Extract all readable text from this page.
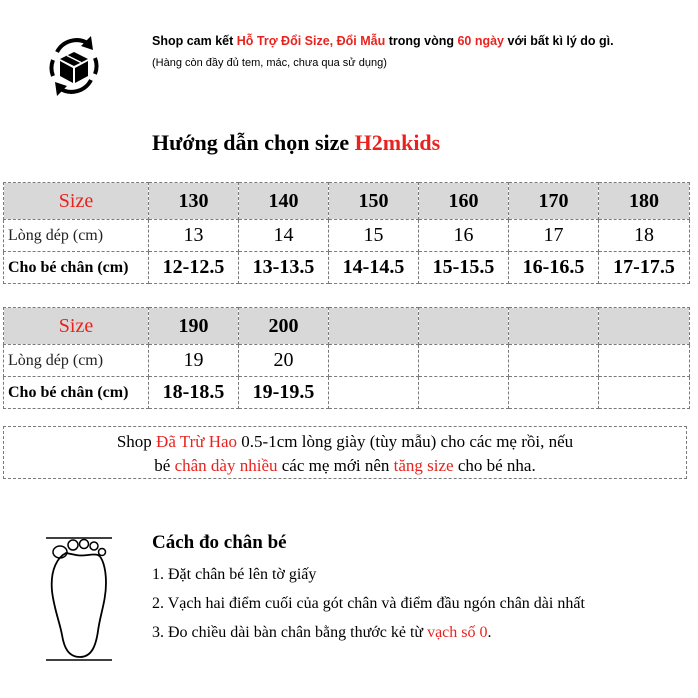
Shop cam kết Hỗ Trợ Đổi Size, Đổi Mẫu trong vòng 60 ngày với bất kì lý do gì.
(Hàng còn đầy đủ tem, mác, chưa qua sử dụng)
Hướng dẫn chọn size H2mkids
Size	130	140	150	160	170	180
Lòng dép (cm)	13	14	15	16	17	18
Cho bé chân (cm)	12-12.5	13-13.5	14-14.5	15-15.5	16-16.5	17-17.5
Size	190	200				
Lòng dép (cm)	19	20				
Cho bé chân (cm)	18-18.5	19-19.5				
Shop Đã Trừ Hao 0.5-1cm lòng giày (tùy mẫu) cho các mẹ rồi, nếu
bé chân dày nhiều các mẹ mới nên tăng size cho bé nha.
Cách đo chân bé
1. Đặt chân bé lên tờ giấy
2. Vạch hai điểm cuối của gót chân và điểm đầu ngón chân dài nhất
3. Đo chiều dài bàn chân bằng thước kẻ từ vạch số 0.
